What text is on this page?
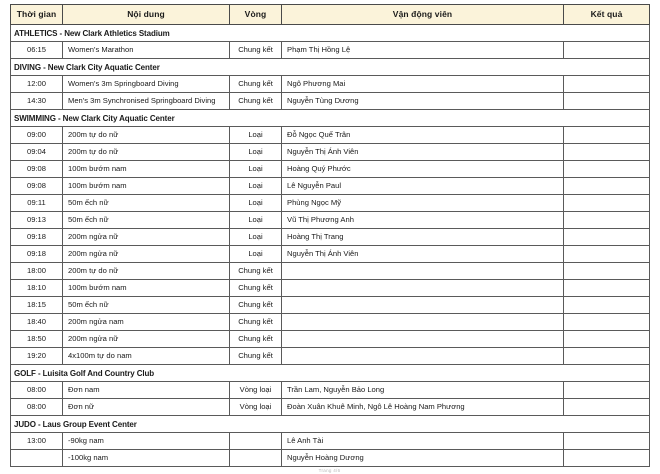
Thời gian	Nội dung	Vòng	Vận động viên	Kết quả
ATHLETICS - New Clark Athletics Stadium				
06:15	Women's Marathon	Chung kết	Phạm Thị Hồng Lệ	
DIVING - New Clark City Aquatic Center				
12:00	Women's 3m Springboard Diving	Chung kết	Ngô Phương Mai	
14:30	Men's 3m Synchronised Springboard Diving	Chung kết	Nguyễn Tùng Dương	
SWIMMING - New Clark City Aquatic Center				
09:00	200m tự do nữ	Loại	Đỗ Ngọc Quế Trân	
09:04	200m tự do nữ	Loại	Nguyễn Thị Ánh Viên	
09:08	100m bướm nam	Loại	Hoàng Quý Phước	
09:08	100m bướm nam	Loại	Lê Nguyễn Paul	
09:11	50m ếch nữ	Loại	Phùng Ngọc Mỹ	
09:13	50m ếch nữ	Loại	Vũ Thị Phương Anh	
09:18	200m ngửa nữ	Loại	Hoàng Thị Trang	
09:18	200m ngửa nữ	Loại	Nguyễn Thị Ánh Viên	
18:00	200m tự do nữ	Chung kết		
18:10	100m bướm nam	Chung kết		
18:15	50m ếch nữ	Chung kết		
18:40	200m ngửa nam	Chung kết		
18:50	200m ngửa nữ	Chung kết		
19:20	4x100m tự do nam	Chung kết		
GOLF - Luisita Golf And Country Club				
08:00	Đơn nam	Vòng loại	Trần Lam, Nguyễn Bảo Long	
08:00	Đơn nữ	Vòng loại	Đoàn Xuân Khuê Minh, Ngô Lê Hoàng Nam Phương	
JUDO - Laus Group Event Center				
13:00	-90kg nam		Lê Anh Tài	
	-100kg nam		Nguyễn Hoàng Dương	
Trang 4/6
